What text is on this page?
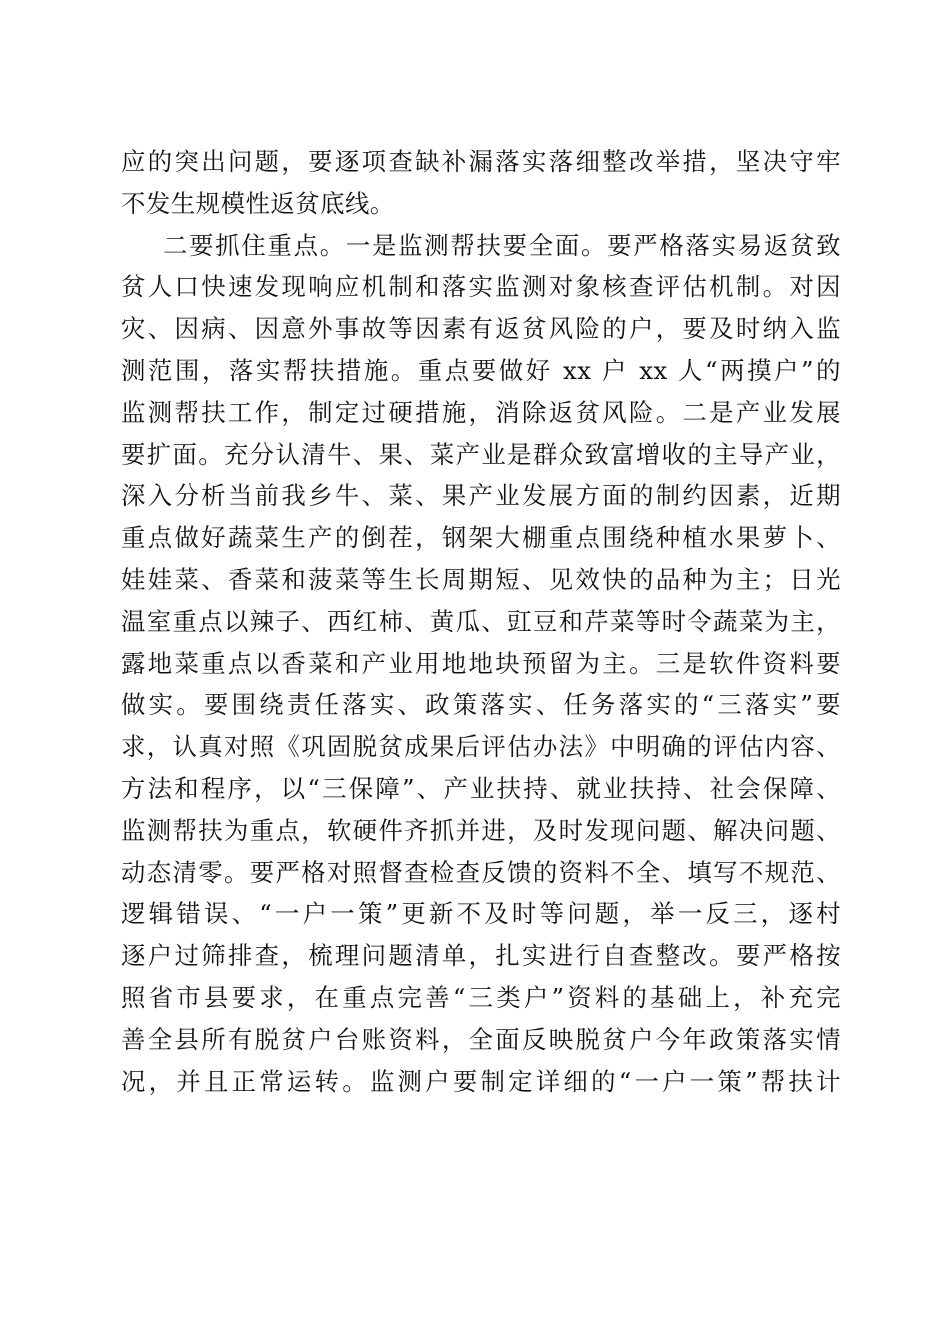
应的突出问题，要逐项查缺补漏落实落细整改举措，坚决守牢
不发生规模性返贫底线。
二要抓住重点。一是监测帮扶要全面。要严格落实易返贫致
贫人口快速发现响应机制和落实监测对象核查评估机制。对因
灾、因病、因意外事故等因素有返贫风险的户，要及时纳入监
测范围，落实帮扶措施。重点要做好 xx 户 xx 人“两摸户”的
监测帮扶工作，制定过硬措施，消除返贫风险。二是产业发展
要扩面。充分认清牛、果、菜产业是群众致富增收的主导产业，
深入分析当前我乡牛、菜、果产业发展方面的制约因素，近期
重点做好蔬菜生产的倒茬，钢架大棚重点围绕种植水果萝卜、
娃娃菜、香菜和菠菜等生长周期短、见效快的品种为主；日光
温室重点以辣子、西红柿、黄瓜、豇豆和芹菜等时令蔬菜为主，
露地菜重点以香菜和产业用地地块预留为主。三是软件资料要
做实。要围绕责任落实、政策落实、任务落实的“三落实”要
求，认真对照《巩固脱贫成果后评估办法》中明确的评估内容、
方法和程序，以“三保障”、产业扶持、就业扶持、社会保障、
监测帮扶为重点，软硬件齐抓并进，及时发现问题、解决问题、
动态清零。要严格对照督查检查反馈的资料不全、填写不规范、
逻辑错误、“一户一策”更新不及时等问题，举一反三，逐村
逐户过筛排查，梳理问题清单，扎实进行自查整改。要严格按
照省市县要求，在重点完善“三类户”资料的基础上，补充完
善全县所有脱贫户台账资料，全面反映脱贫户今年政策落实情
况，并且正常运转。监测户要制定详细的“一户一策”帮扶计
